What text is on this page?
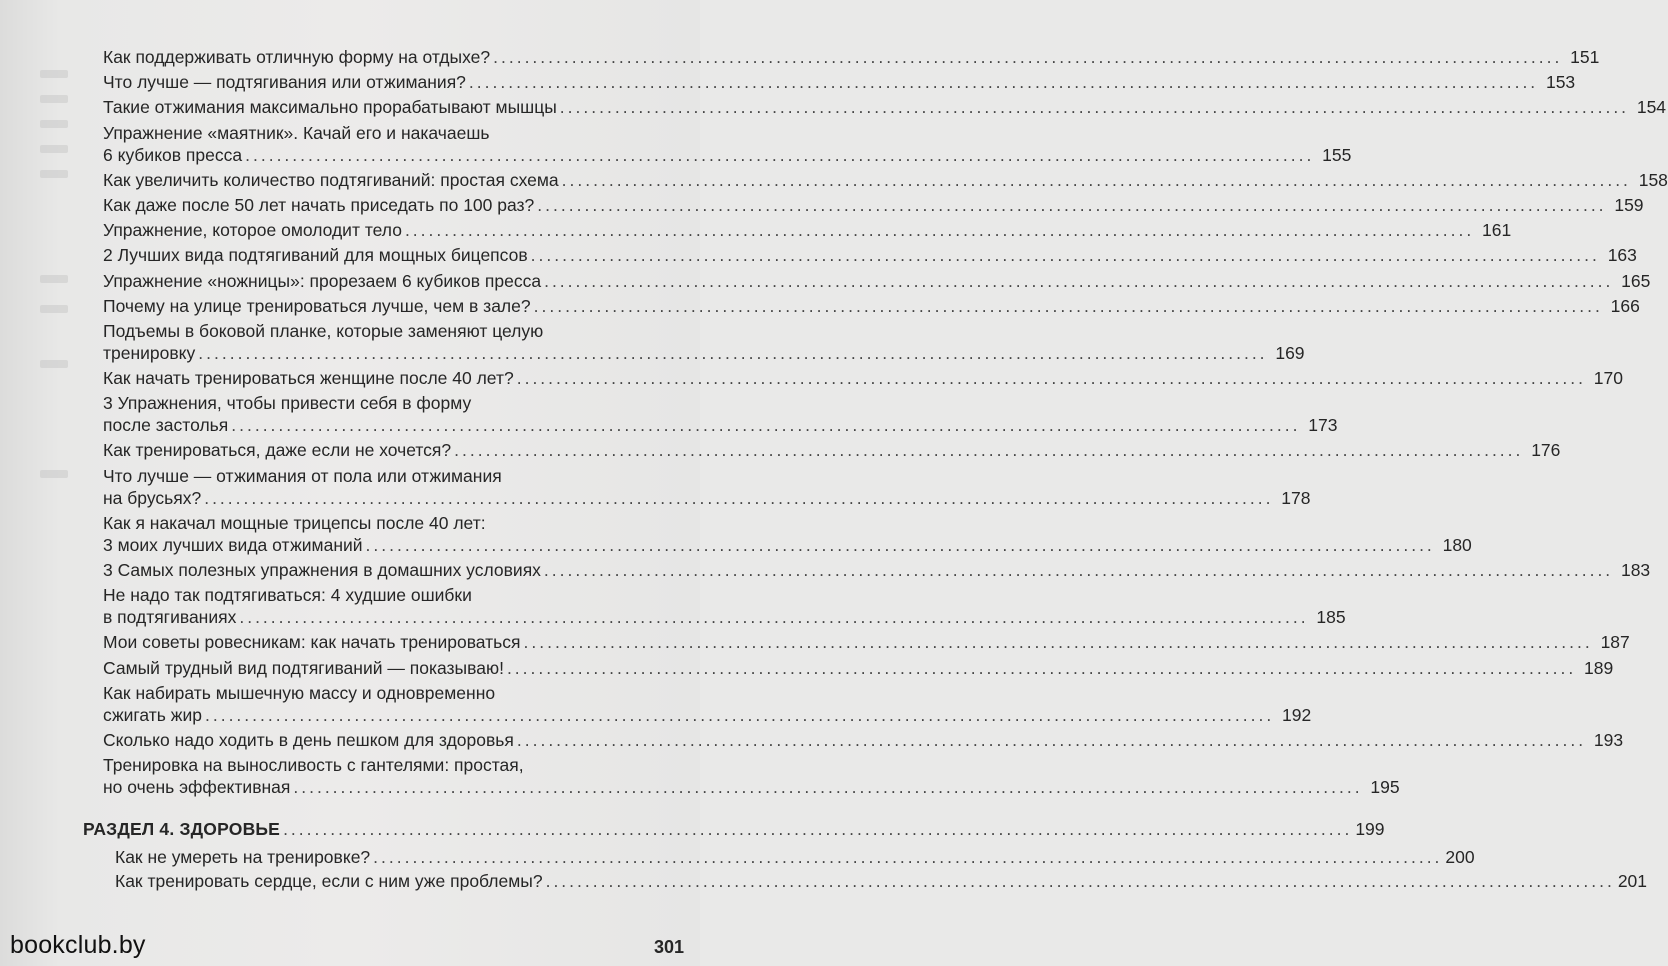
Как поддерживать отличную форму на отдыхе? .....	151
Что лучше — подтягивания или отжимания? .....	153
Такие отжимания максимально прорабатывают мышцы .....	154
Упражнение «маятник». Качай его и накачаешь
6 кубиков пресса .....	155
Как увеличить количество подтягиваний: простая схема .....	158
Как даже после 50 лет начать приседать по 100 раз? .....	159
Упражнение, которое омолодит тело .....	161
2 Лучших вида подтягиваний для мощных бицепсов .....	163
Упражнение «ножницы»: прорезаем 6 кубиков пресса .....	165
Почему на улице тренироваться лучше, чем в зале? .....	166
Подъемы в боковой планке, которые заменяют целую
тренировку .....	169
Как начать тренироваться женщине после 40 лет? .....	170
3 Упражнения, чтобы привести себя в форму
после застолья .....	173
Как тренироваться, даже если не хочется? .....	176
Что лучше — отжимания от пола или отжимания
на брусьях? .....	178
Как я накачал мощные трицепсы после 40 лет:
3 моих лучших вида отжиманий .....	180
3 Самых полезных упражнения в домашних условиях .....	183
Не надо так подтягиваться: 4 худшие ошибки
в подтягиваниях .....	185
Мои советы ровесникам: как начать тренироваться .....	187
Самый трудный вид подтягиваний — показываю! .....	189
Как набирать мышечную массу и одновременно
сжигать жир .....	192
Сколько надо ходить в день пешком для здоровья .....	193
Тренировка на выносливость с гантелями: простая,
но очень эффективная .....	195
РАЗДЕЛ 4. ЗДОРОВЬЕ .....	199
Как не умереть на тренировке? .....	200
Как тренировать сердце, если с ним уже проблемы? .....	201
301
bookclub.by
